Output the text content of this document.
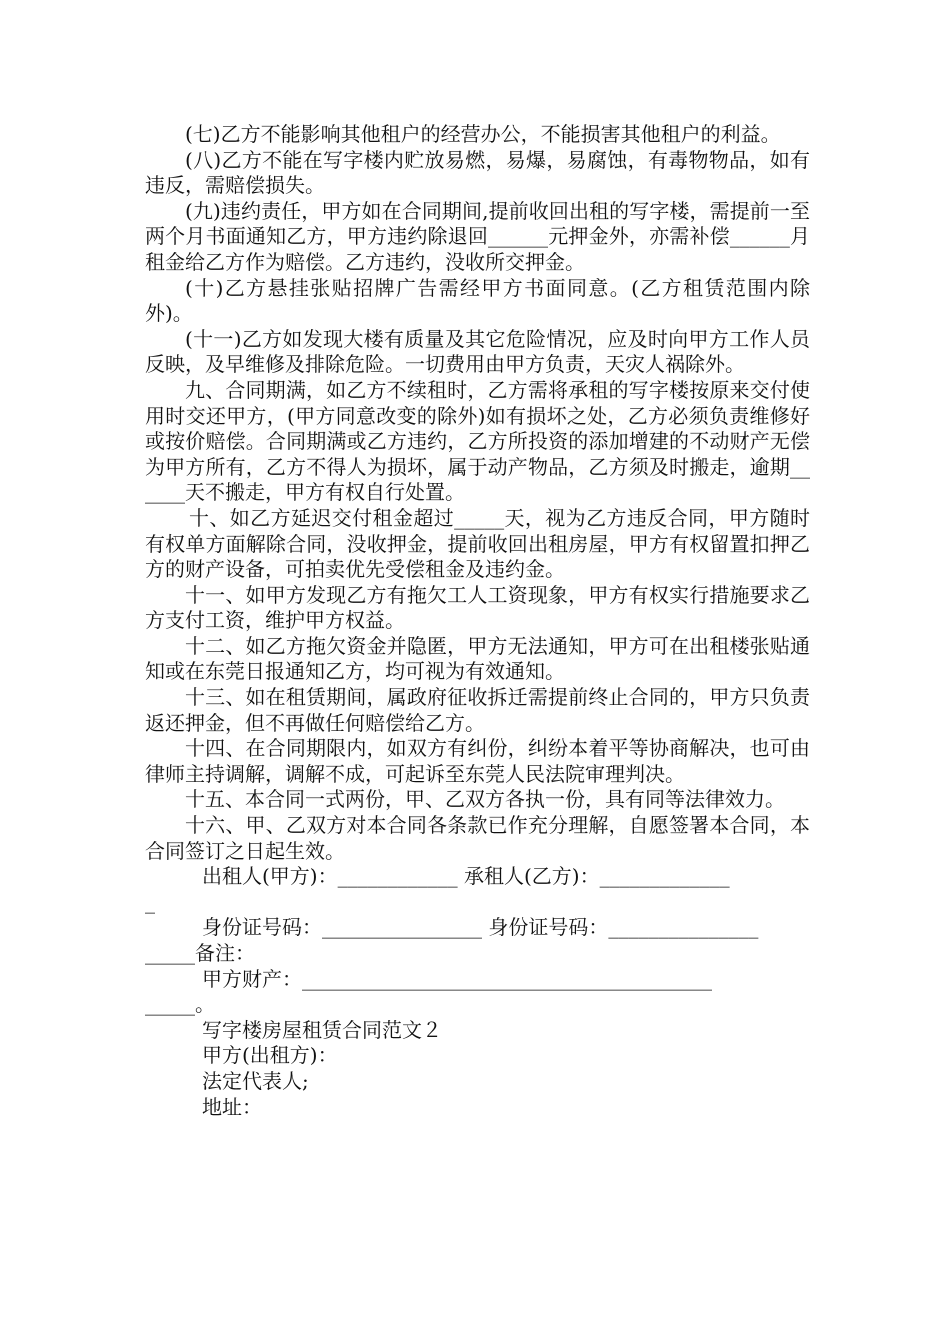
(七)乙方不能影响其他租户的经营办公，不能损害其他租户的利益。

(八)乙方不能在写字楼内贮放易燃，易爆，易腐蚀，有毒物物品，如有违反，需赔偿损失。

(九)违约责任，甲方如在合同期间,提前收回出租的写字楼，需提前一至两个月书面通知乙方，甲方违约除退回______元押金外，亦需补偿______月租金给乙方作为赔偿。乙方违约，没收所交押金。

(十)乙方悬挂张贴招牌广告需经甲方书面同意。(乙方租赁范围内除外)。

(十一)乙方如发现大楼有质量及其它危险情况，应及时向甲方工作人员反映，及早维修及排除危险。一切费用由甲方负责，天灾人祸除外。

九、合同期满，如乙方不续租时，乙方需将承租的写字楼按原来交付使用时交还甲方，(甲方同意改变的除外)如有损坏之处，乙方必须负责维修好或按价赔偿。合同期满或乙方违约，乙方所投资的添加增建的不动财产无偿为甲方所有，乙方不得人为损坏，属于动产物品，乙方须及时搬走，逾期______天不搬走，甲方有权自行处置。

十、如乙方延迟交付租金超过_____天，视为乙方违反合同，甲方随时有权单方面解除合同，没收押金，提前收回出租房屋，甲方有权留置扣押乙方的财产设备，可拍卖优先受偿租金及违约金。

十一、如甲方发现乙方有拖欠工人工资现象，甲方有权实行措施要求乙方支付工资，维护甲方权益。

十二、如乙方拖欠资金并隐匿，甲方无法通知，甲方可在出租楼张贴通知或在东莞日报通知乙方，均可视为有效通知。

十三、如在租赁期间，属政府征收拆迁需提前终止合同的，甲方只负责返还押金，但不再做任何赔偿给乙方。

十四、在合同期限内，如双方有纠份，纠纷本着平等协商解决，也可由律师主持调解，调解不成，可起诉至东莞人民法院审理判决。

十五、本合同一式两份，甲、乙双方各执一份，具有同等法律效力。

十六、甲、乙双方对本合同各条款已作充分理解，自愿签署本合同，本合同签订之日起生效。

出租人(甲方)：____________ 承租人(乙方)：_____________

_

身份证号码：________________ 身份证号码：_______________

_____备注：

甲方财产：_________________________________________

_____。

写字楼房屋租赁合同范文２

甲方(出租方)：

法定代表人;

地址：
